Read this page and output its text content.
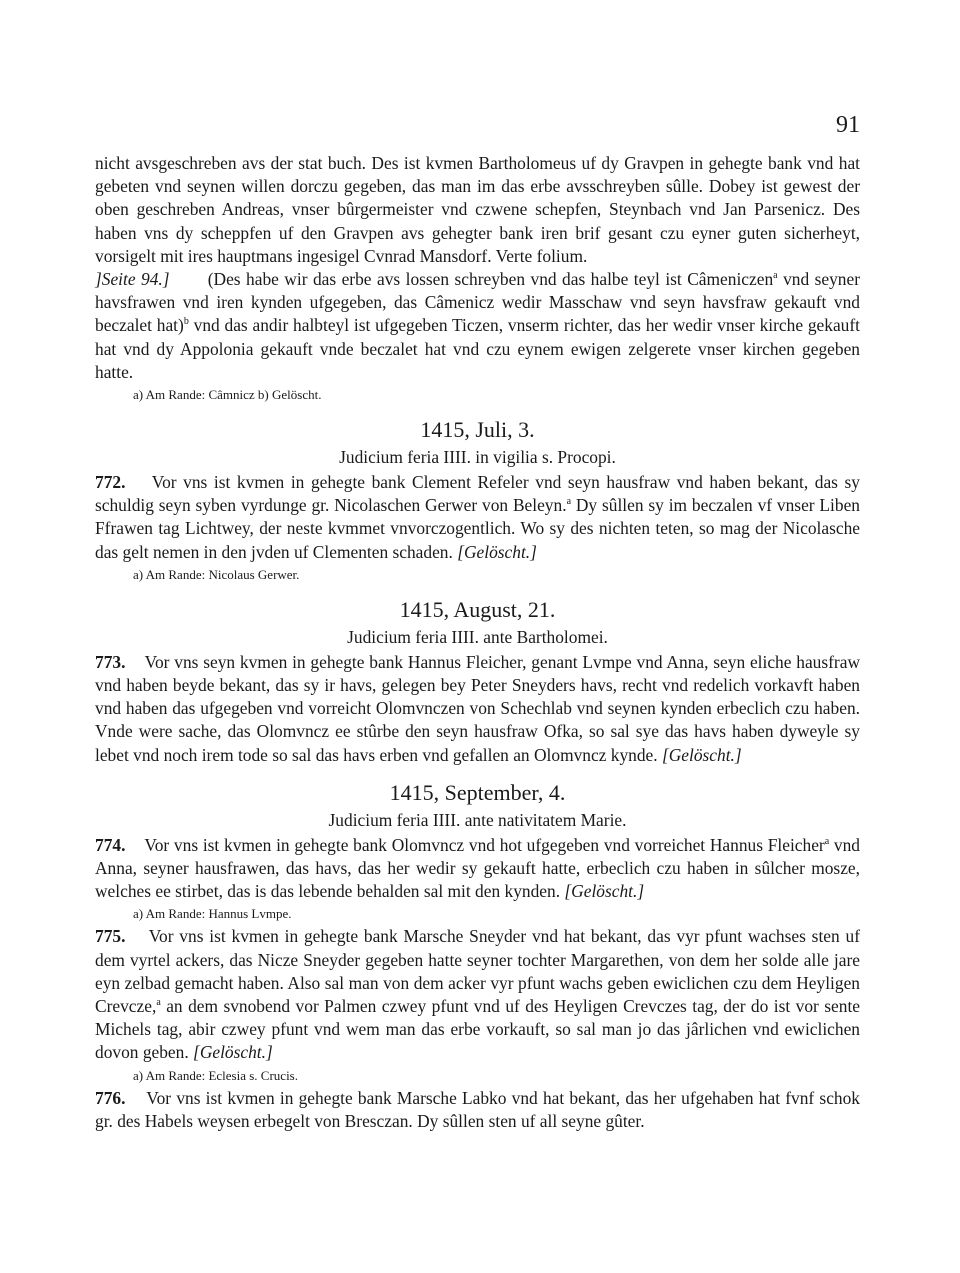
91

nicht avsgeschreben avs der stat buch. Des ist kvmen Bartholomeus uf dy Gravpen in gehegte bank vnd hat gebeten vnd seynen willen dorczu gegeben, das man im das erbe avsschreyben sûlle. Dobey ist gewest der oben geschreben Andreas, vnser bûrgermeister vnd czwene schepfen, Steynbach vnd Jan Parsenicz. Des haben vns dy scheppfen uf den Gravpen avs gehegter bank iren brif gesant czu eyner guten sicherheyt, vorsigelt mit ires hauptmans ingesigel Cvnrad Mansdorf. Verte folium.

]Seite 94.] (Des habe wir das erbe avs lossen schreyben vnd das halbe teyl ist Câmeniczen$^a$ vnd seyner havsfrawen vnd iren kynden ufgegeben, das Câmenicz wedir Masschaw vnd seyn havsfraw gekauft vnd beczalet hat)$^b$ vnd das andir halbteyl ist ufgegeben Ticzen, vnserm richter, das her wedir vnser kirche gekauft hat vnd dy Appolonia gekauft vnde beczalet hat vnd czu eynem ewigen zelgerete vnser kirchen gegeben hatte.

a) Am Rande: Câmnicz b) Gelöscht.
1415, Juli, 3.
Judicium feria IIII. in vigilia s. Procopi.

772. Vor vns ist kvmen in gehegte bank Clement Refeler vnd seyn hausfraw vnd haben bekant, das sy schuldig seyn syben vyrdunge gr. Nicolaschen Gerwer von Beleyn.$^a$ Dy sûllen sy im beczalen vf vnser Liben Ffrawen tag Lichtwey, der neste kvmmet vnvorczogentlich. Wo sy des nichten teten, so mag der Nicolasche das gelt nemen in den jvden uf Clementen schaden. [Gelöscht.]

a) Am Rande: Nicolaus Gerwer.
1415, August, 21.
Judicium feria IIII. ante Bartholomei.

773. Vor vns seyn kvmen in gehegte bank Hannus Fleicher, genant Lvmpe vnd Anna, seyn eliche hausfraw vnd haben beyde bekant, das sy ir havs, gelegen bey Peter Sneyders havs, recht vnd redelich vorkavft haben vnd haben das ufgegeben vnd vorreicht Olomvnczen von Schechlab vnd seynen kynden erbeclich czu haben. Vnde were sache, das Olomvncz ee stûrbe den seyn hausfraw Ofka, so sal sye das havs haben dyweyle sy lebet vnd noch irem tode so sal das havs erben vnd gefallen an Olomvncz kynde. [Gelöscht.]

1415, September, 4.
Judicium feria IIII. ante nativitatem Marie.

774. Vor vns ist kvmen in gehegte bank Olomvncz vnd hot ufgegeben vnd vorreichet Hannus Fleicher$^a$ vnd Anna, seyner hausfrawen, das havs, das her wedir sy gekauft hatte, erbeclich czu haben in sûlcher mosze, welches ee stirbet, das is das lebende behalden sal mit den kynden. [Gelöscht.]

a) Am Rande: Hannus Lvmpe.

775. Vor vns ist kvmen in gehegte bank Marsche Sneyder vnd hat bekant, das vyr pfunt wachses sten uf dem vyrtel ackers, das Nicze Sneyder gegeben hatte seyner tochter Margarethen, von dem her solde alle jare eyn zelbad gemacht haben. Also sal man von dem acker vyr pfunt wachs geben ewiclichen czu dem Heyligen Crevcze,$^a$ an dem svnobend vor Palmen czwey pfunt vnd uf des Heyligen Crevczes tag, der do ist vor sente Michels tag, abir czwey pfunt vnd wem man das erbe vorkauft, so sal man jo das jârlichen vnd ewiclichen dovon geben. [Gelöscht.]

a) Am Rande: Eclesia s. Crucis.

776. Vor vns ist kvmen in gehegte bank Marsche Labko vnd hat bekant, das her ufgehaben hat fvnf schok gr. des Habels weysen erbegelt von Bresczan. Dy sûllen sten uf all seyne gûter.
